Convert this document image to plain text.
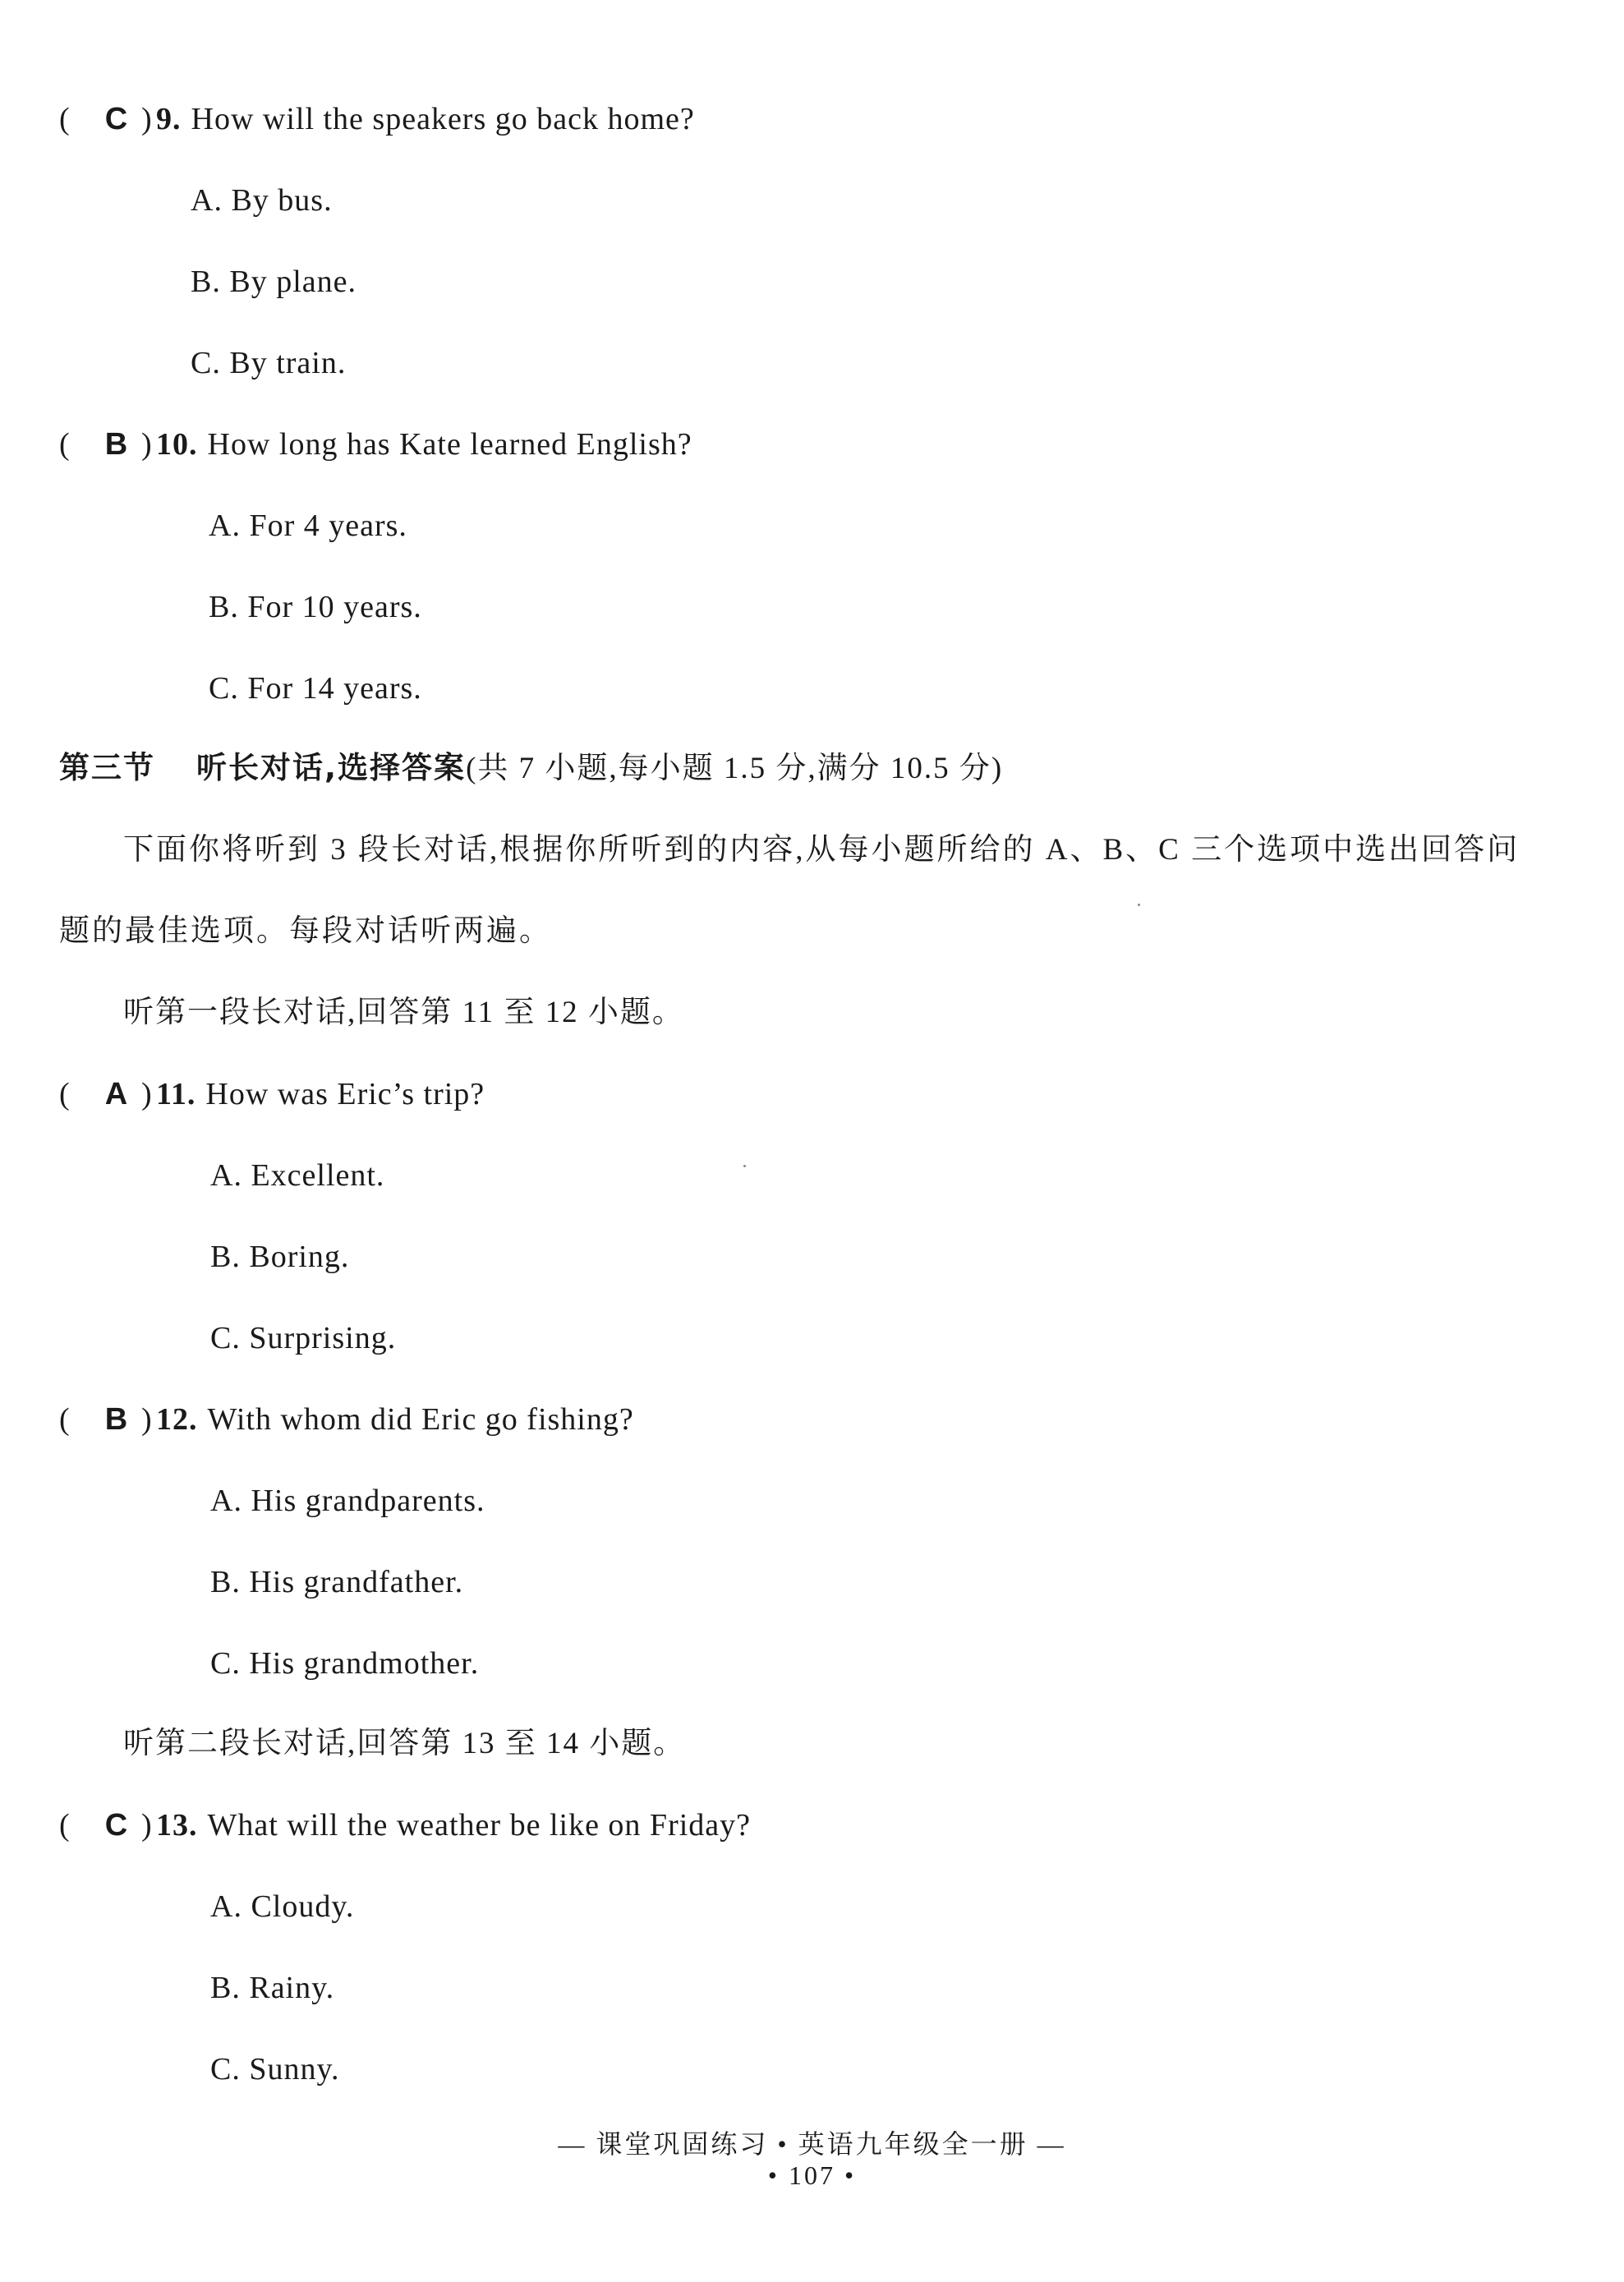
( C ) 9. How will the speakers go back home?
A. By bus.
B. By plane.
C. By train.
( B ) 10. How long has Kate learned English?
A. For 4 years.
B. For 10 years.
C. For 14 years.
第三节 听长对话,选择答案(共 7 小题,每小题 1.5 分,满分 10.5 分)
下面你将听到 3 段长对话,根据你所听到的内容,从每小题所给的 A、B、C 三个选项中选出回答问
题的最佳选项。每段对话听两遍。
听第一段长对话,回答第 11 至 12 小题。
( A ) 11. How was Eric’s trip?
A. Excellent.
B. Boring.
C. Surprising.
( B ) 12. With whom did Eric go fishing?
A. His grandparents.
B. His grandfather.
C. His grandmother.
听第二段长对话,回答第 13 至 14 小题。
( C ) 13. What will the weather be like on Friday?
A. Cloudy.
B. Rainy.
C. Sunny.
— 课堂巩固练习 • 英语九年级全一册 —
• 107 •
